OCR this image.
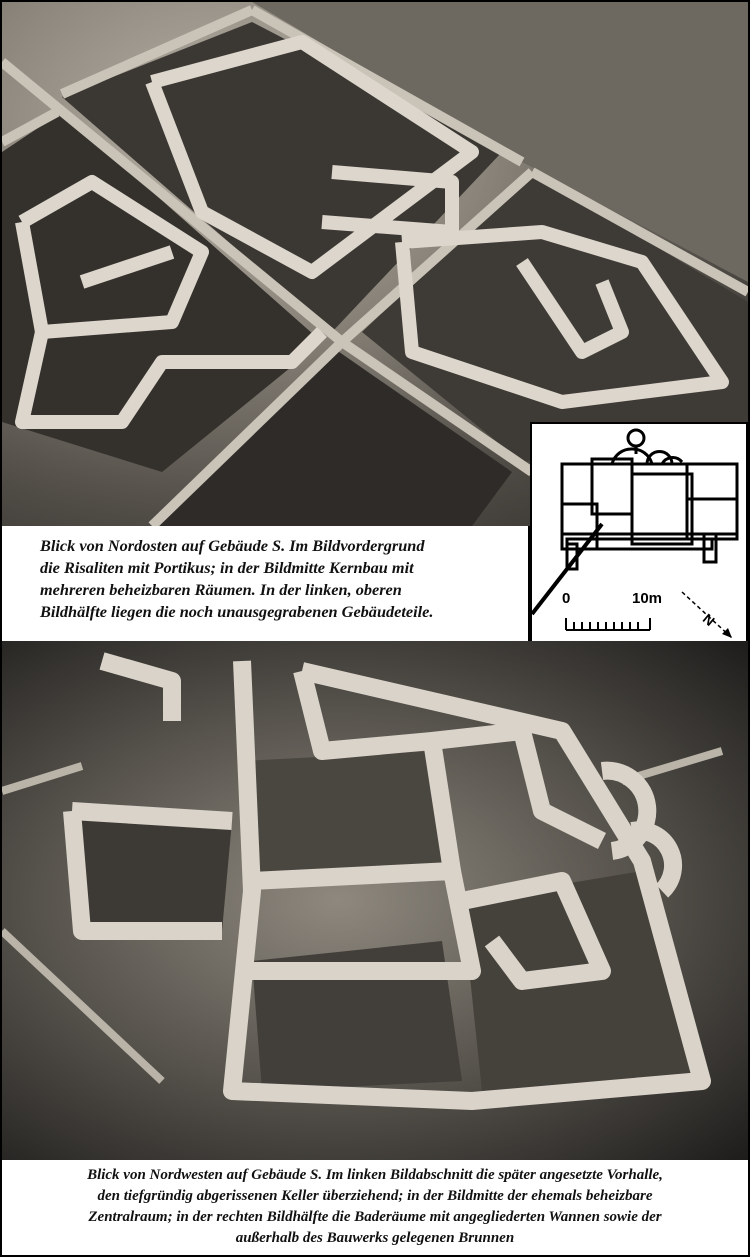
Blick von Nordosten auf Gebäude S. Im Bildvordergrund
die Risaliten mit Portikus; in der Bildmitte Kernbau mit
mehreren beheizbaren Räumen. In der linken, oberen
Bildhälfte liegen die noch unausgegrabenen Gebäudeteile.	N
0	10m
Blick von Nordwesten auf Gebäude S. Im linken Bildabschnitt die später angesetzte Vorhalle,
den tiefgründig abgerissenen Keller überziehend; in der Bildmitte der ehemals beheizbare
Zentralraum; in der rechten Bildhälfte die Baderäume mit angegliederten Wannen sowie der
außerhalb des Bauwerks gelegenen Brunnen
